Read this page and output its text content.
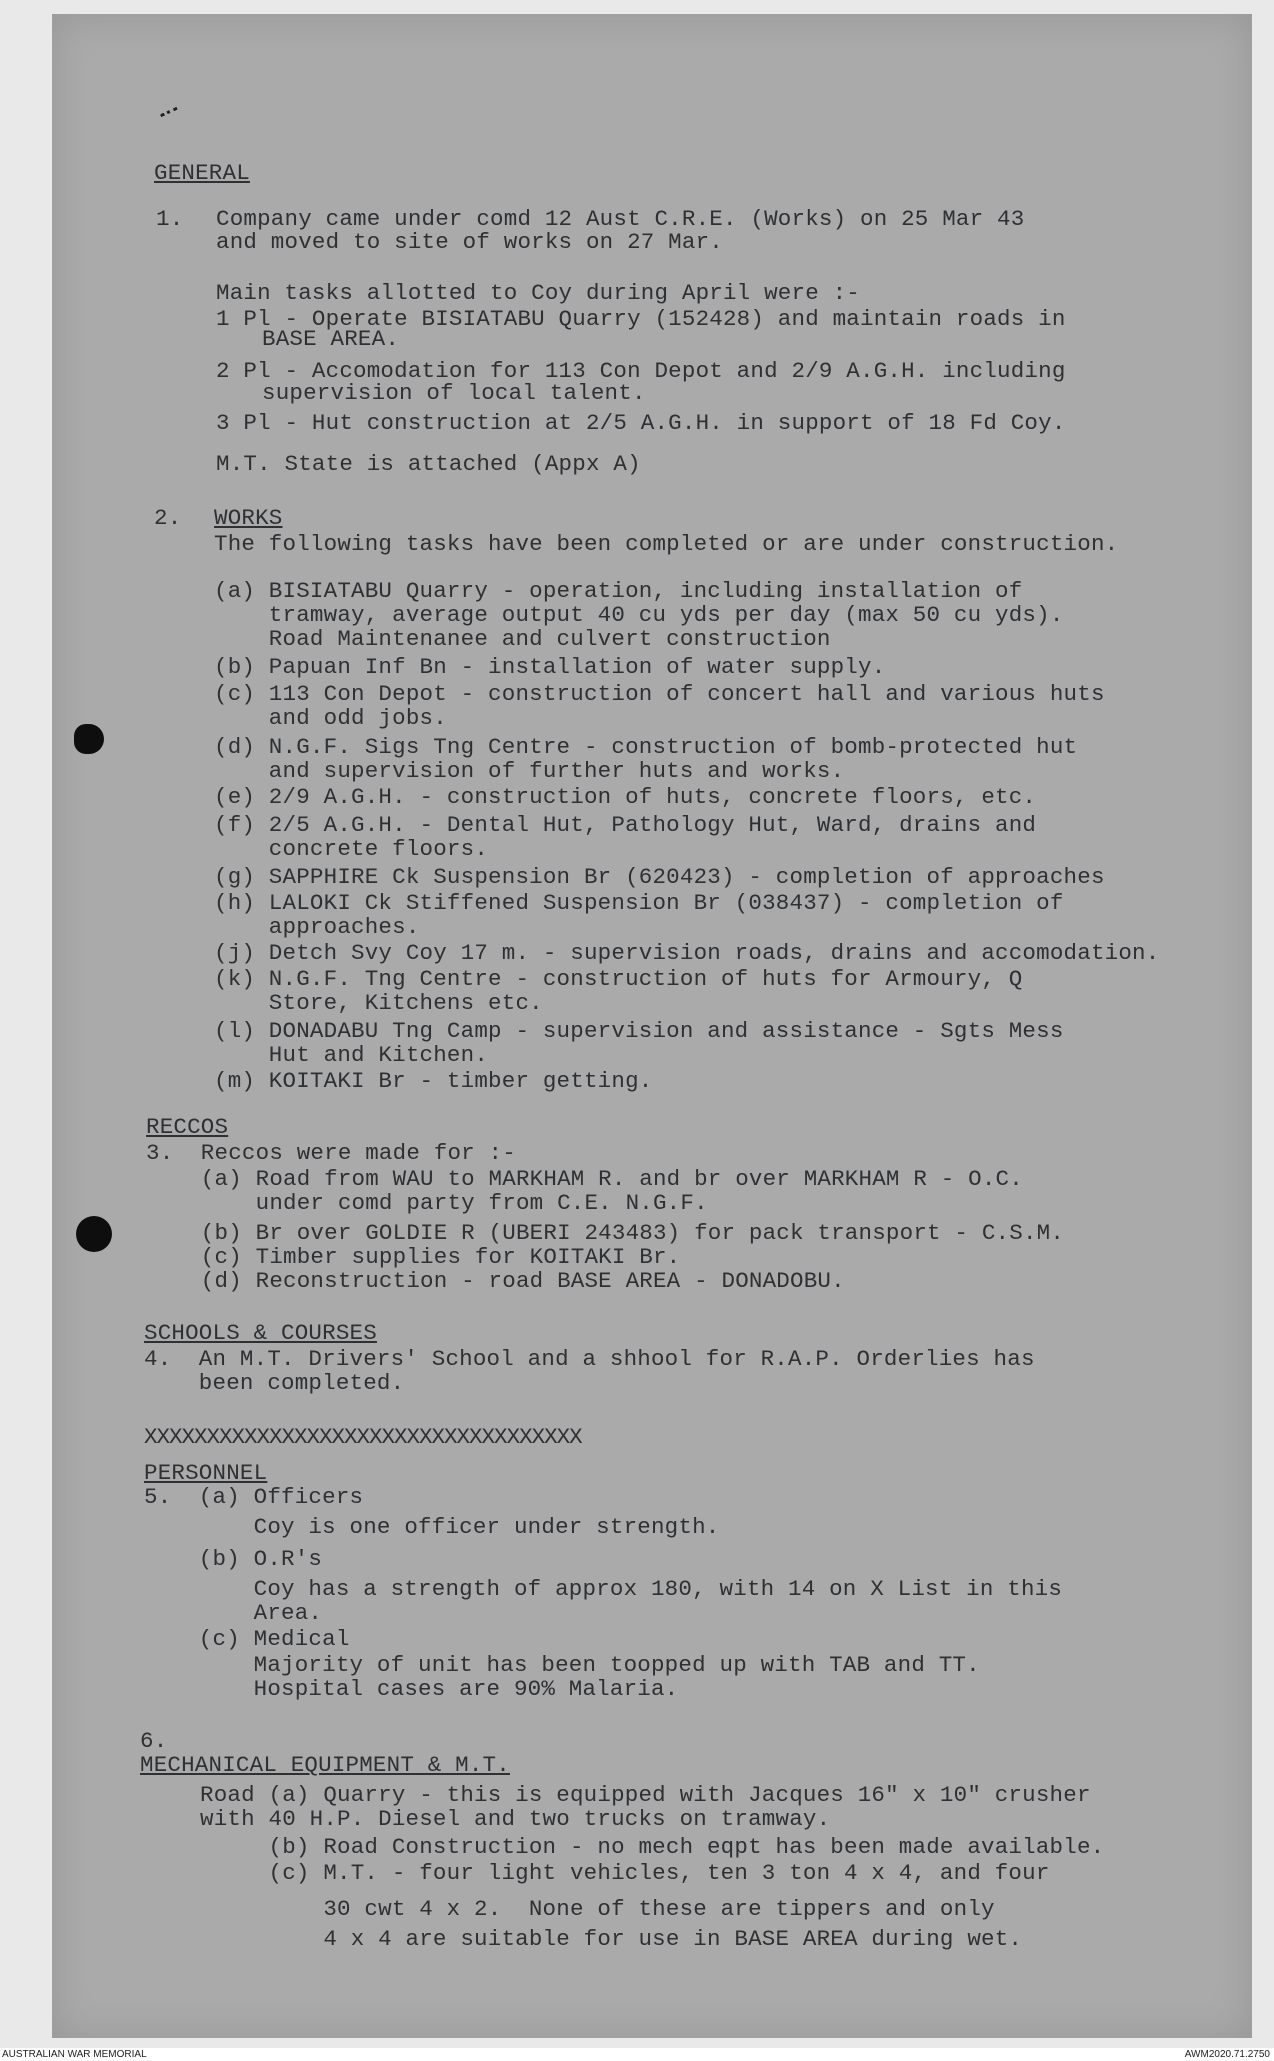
GENERAL
1. Company came under comd 12 Aust C.R.E. (Works) on 25 Mar 43
and moved to site of works on 27 Mar.
Main tasks allotted to Coy during April were :-
1 Pl - Operate BISIATABU Quarry (152428) and maintain roads in
BASE AREA.
2 Pl - Accomodation for 113 Con Depot and 2/9 A.G.H. including
supervision of local talent.
3 Pl - Hut construction at 2/5 A.G.H. in support of 18 Fd Coy.
M.T. State is attached (Appx A)
2. WORKS
The following tasks have been completed or are under construction.
(a) BISIATABU Quarry - operation, including installation of
tramway, average output 40 cu yds per day (max 50 cu yds).
Road Maintenanee and culvert construction
(b) Papuan Inf Bn - installation of water supply.
(c) 113 Con Depot - construction of concert hall and various huts
and odd jobs.
(d) N.G.F. Sigs Tng Centre - construction of bomb-protected hut
and supervision of further huts and works.
(e) 2/9 A.G.H. - construction of huts, concrete floors, etc.
(f) 2/5 A.G.H. - Dental Hut, Pathology Hut, Ward, drains and
concrete floors.
(g) SAPPHIRE Ck Suspension Br (620423) - completion of approaches
(h) LALOKI Ck Stiffened Suspension Br (038437) - completion of
approaches.
(j) Detch Svy Coy 17 m. - supervision roads, drains and accomodation.
(k) N.G.F. Tng Centre - construction of huts for Armoury, Q
Store, Kitchens etc.
(l) DONADABU Tng Camp - supervision and assistance - Sgts Mess
Hut and Kitchen.
(m) KOITAKI Br - timber getting.
RECCOS
3.  Reccos were made for :-
(a) Road from WAU to MARKHAM R. and br over MARKHAM R - O.C.
under comd party from C.E. N.G.F.
(b) Br over GOLDIE R (UBERI 243483) for pack transport - C.S.M.
(c) Timber supplies for KOITAKI Br.
(d) Reconstruction - road BASE AREA - DONADOBU.
SCHOOLS & COURSES
4.  An M.T. Drivers' School and a shhool for R.A.P. Orderlies has
been completed.
XXXXXXXXXXXXXXXXXXXXXXXXXXXXXXXXXXX
PERSONNEL
5.  (a) Officers
Coy is one officer under strength.
(b) O.R's
Coy has a strength of approx 180, with 14 on X List in this
Area.
(c) Medical
Majority of unit has been toopped up with TAB and TT.
Hospital cases are 90% Malaria.
6.
MECHANICAL EQUIPMENT & M.T.
Road (a) Quarry - this is equipped with Jacques 16" x 10" crusher
with 40 H.P. Diesel and two trucks on tramway.
(b) Road Construction - no mech eqpt has been made available.
(c) M.T. - four light vehicles, ten 3 ton 4 x 4, and four
30 cwt 4 x 2.  None of these are tippers and only
4 x 4 are suitable for use in BASE AREA during wet.
AUSTRALIAN WAR MEMORIAL	AWM2020.71.2750
